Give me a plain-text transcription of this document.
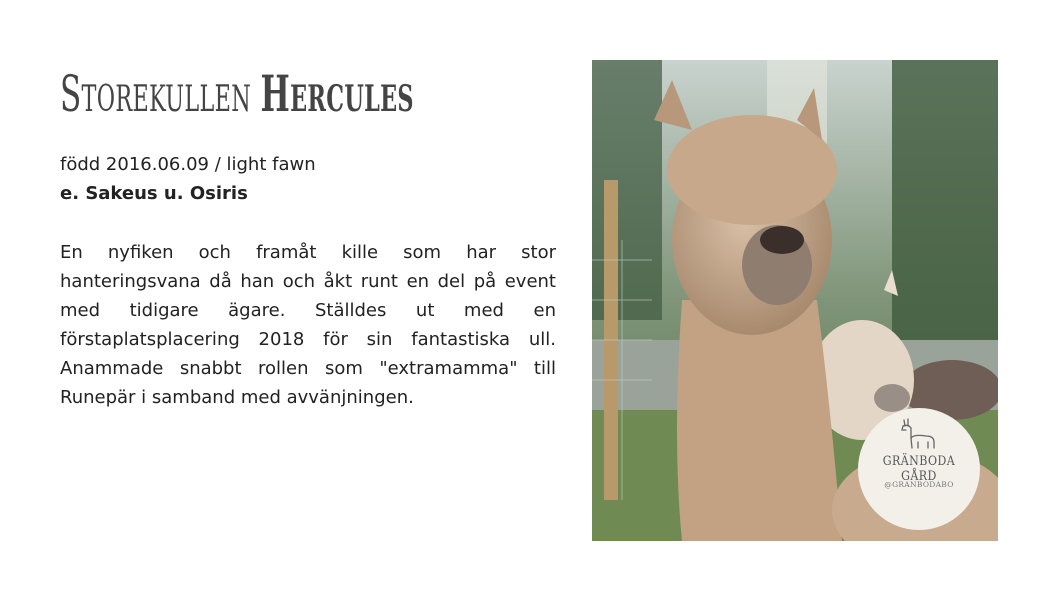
STOREKULLEN HERCULES
född 2016.06.09 / light fawn
e. Sakeus u. Osiris

En nyfiken och framåt kille som har stor hanteringsvana då han och åkt runt en del på event med tidigare ägare. Ställdes ut med en förstaplatsplacering 2018 för sin fantastiska ull. Anammade snabbt rollen som "extramamma" till Runepär i samband med avvänjningen.

GRÄNBODA GÅRD
@GRANBODABO
